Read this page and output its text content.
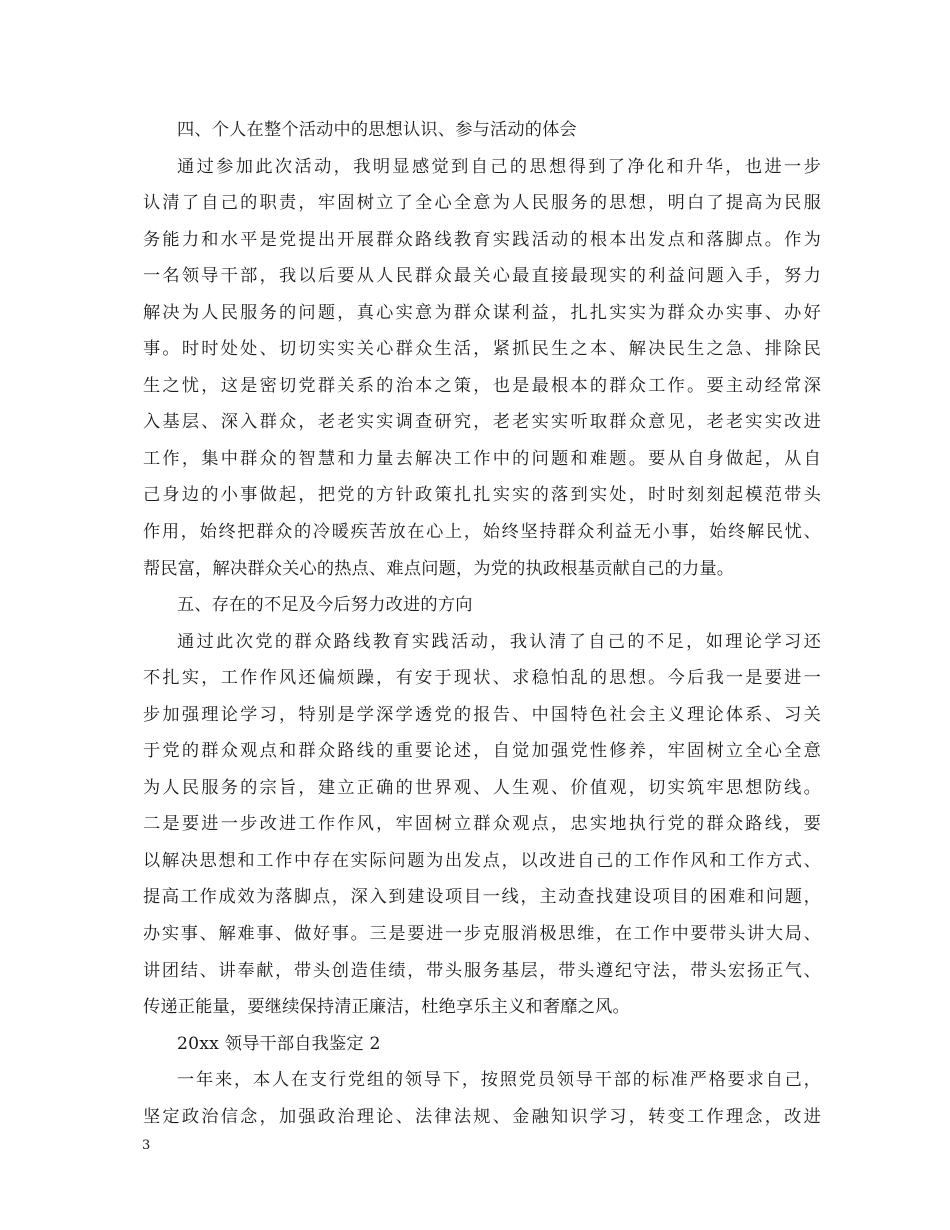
四、个人在整个活动中的思想认识、参与活动的体会
通过参加此次活动，我明显感觉到自己的思想得到了净化和升华，也进一步
认清了自己的职责，牢固树立了全心全意为人民服务的思想，明白了提高为民服
务能力和水平是党提出开展群众路线教育实践活动的根本出发点和落脚点。作为
一名领导干部，我以后要从人民群众最关心最直接最现实的利益问题入手，努力
解决为人民服务的问题，真心实意为群众谋利益，扎扎实实为群众办实事、办好
事。时时处处、切切实实关心群众生活，紧抓民生之本、解决民生之急、排除民
生之忧，这是密切党群关系的治本之策，也是最根本的群众工作。要主动经常深
入基层、深入群众，老老实实调查研究，老老实实听取群众意见，老老实实改进
工作，集中群众的智慧和力量去解决工作中的问题和难题。要从自身做起，从自
己身边的小事做起，把党的方针政策扎扎实实的落到实处，时时刻刻起模范带头
作用，始终把群众的冷暖疾苦放在心上，始终坚持群众利益无小事，始终解民忧、
帮民富，解决群众关心的热点、难点问题，为党的执政根基贡献自己的力量。
五、存在的不足及今后努力改进的方向
通过此次党的群众路线教育实践活动，我认清了自己的不足，如理论学习还
不扎实，工作作风还偏烦躁，有安于现状、求稳怕乱的思想。今后我一是要进一
步加强理论学习，特别是学深学透党的报告、中国特色社会主义理论体系、习关
于党的群众观点和群众路线的重要论述，自觉加强党性修养，牢固树立全心全意
为人民服务的宗旨，建立正确的世界观、人生观、价值观，切实筑牢思想防线。
二是要进一步改进工作作风，牢固树立群众观点，忠实地执行党的群众路线，要
以解决思想和工作中存在实际问题为出发点，以改进自己的工作作风和工作方式、
提高工作成效为落脚点，深入到建设项目一线，主动查找建设项目的困难和问题，
办实事、解难事、做好事。三是要进一步克服消极思维，在工作中要带头讲大局、
讲团结、讲奉献，带头创造佳绩，带头服务基层，带头遵纪守法，带头宏扬正气、
传递正能量，要继续保持清正廉洁，杜绝享乐主义和奢靡之风。
20xx 领导干部自我鉴定 2
一年来，本人在支行党组的领导下，按照党员领导干部的标准严格要求自己，
坚定政治信念，加强政治理论、法律法规、金融知识学习，转变工作理念，改进
3
